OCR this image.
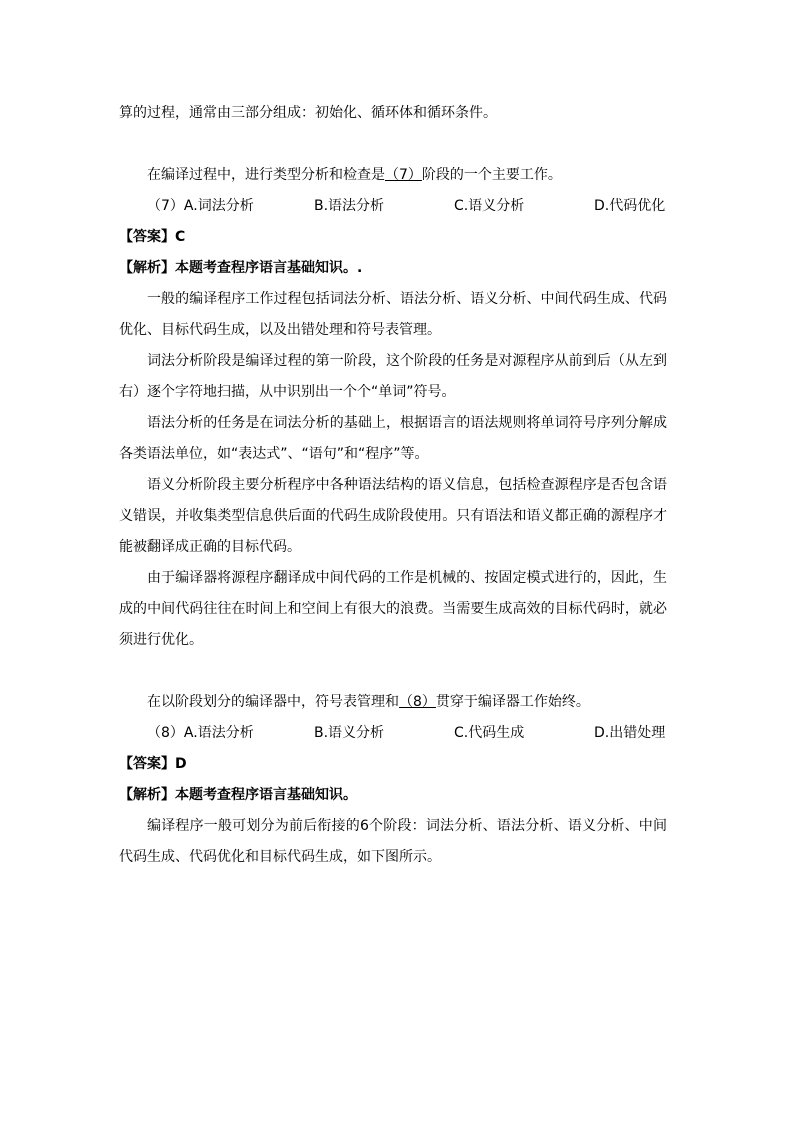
算的过程，通常由三部分组成：初始化、循环体和循环条件。
在编译过程中，进行类型分析和检查是（7）阶段的一个主要工作。
（7）A.词法分析	B.语法分析	C.语义分析	D.代码优化
【答案】C
【解析】本题考查程序语言基础知识。.
一般的编译程序工作过程包括词法分析、语法分析、语义分析、中间代码生成、代码优化、目标代码生成，以及出错处理和符号表管理。
词法分析阶段是编译过程的第一阶段，这个阶段的任务是对源程序从前到后（从左到右）逐个字符地扫描，从中识别出一个个“单词”符号。
语法分析的任务是在词法分析的基础上，根据语言的语法规则将单词符号序列分解成各类语法单位，如“表达式”、“语句”和“程序”等。
语义分析阶段主要分析程序中各种语法结构的语义信息，包括检查源程序是否包含语义错误，并收集类型信息供后面的代码生成阶段使用。只有语法和语义都正确的源程序才能被翻译成正确的目标代码。
由于编译器将源程序翻译成中间代码的工作是机械的、按固定模式进行的，因此，生成的中间代码往往在时间上和空间上有很大的浪费。当需要生成高效的目标代码时，就必须进行优化。
在以阶段划分的编译器中，符号表管理和（8）贯穿于编译器工作始终。
（8）A.语法分析	B.语义分析	C.代码生成	D.出错处理
【答案】D
【解析】本题考查程序语言基础知识。
编译程序一般可划分为前后衔接的6个阶段：词法分析、语法分析、语义分析、中间代码生成、代码优化和目标代码生成，如下图所示。
